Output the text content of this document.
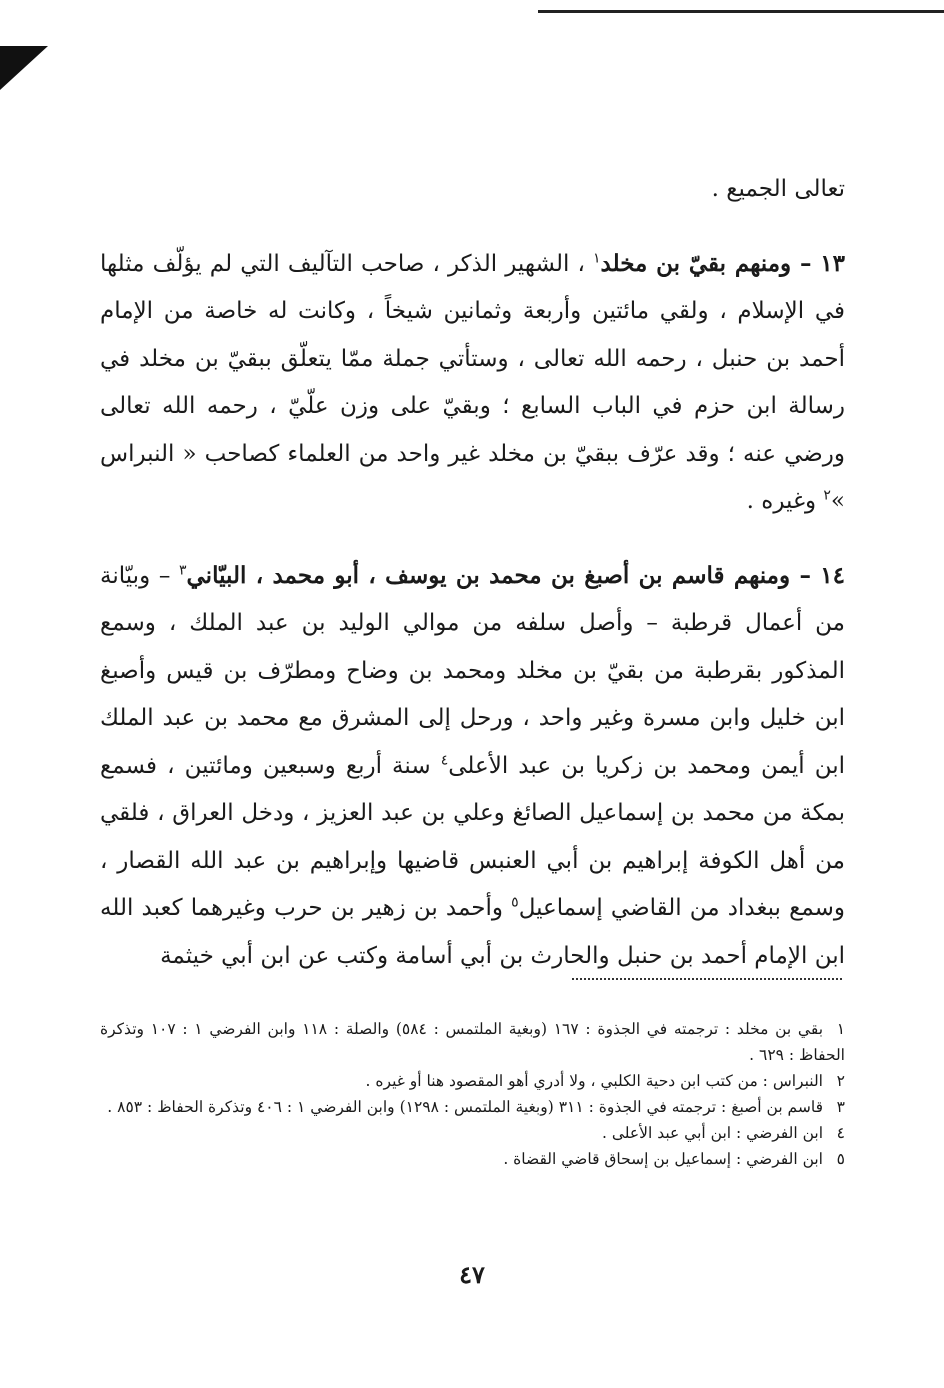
تعالى الجميع .

١٣ – ومنهم بقيّ بن مخلد$^١$ ، الشهير الذكر ، صاحب التآليف التي لم يؤلّف مثلها في الإسلام ، ولقي مائتين وأربعة وثمانين شيخاً ، وكانت له خاصة من الإمام أحمد بن حنبل ، رحمه الله تعالى ، وستأتي جملة ممّا يتعلّق ببقيّ بن مخلد في رسالة ابن حزم في الباب السابع ؛ وبقيّ على وزن علّيّ ، رحمه الله تعالى ورضي عنه ؛ وقد عرّف ببقيّ بن مخلد غير واحد من العلماء كصاحب « النبراس »$^٢$ وغيره .

١٤ – ومنهم قاسم بن أصبغ بن محمد بن يوسف ، أبو محمد ، البيّاني$^٣$ – وبيّانة من أعمال قرطبة – وأصل سلفه من موالي الوليد بن عبد الملك ، وسمع المذكور بقرطبة من بقيّ بن مخلد ومحمد بن وضاح ومطرّف بن قيس وأصبغ ابن خليل وابن مسرة وغير واحد ، ورحل إلى المشرق مع محمد بن عبد الملك ابن أيمن ومحمد بن زكريا بن عبد الأعلى$^٤$ سنة أربع وسبعين ومائتين ، فسمع بمكة من محمد بن إسماعيل الصائغ وعلي بن عبد العزيز ، ودخل العراق ، فلقي من أهل الكوفة إبراهيم بن أبي العنبس قاضيها وإبراهيم بن عبد الله القصار ، وسمع ببغداد من القاضي إسماعيل$^٥$ وأحمد بن زهير بن حرب وغيرهما كعبد الله ابن الإمام أحمد بن حنبل والحارث بن أبي أسامة وكتب عن ابن أبي خيثمة

١بقي بن مخلد : ترجمته في الجذوة : ١٦٧ (وبغية الملتمس : ٥٨٤) والصلة : ١١٨ وابن الفرضي ١ : ١٠٧ وتذكرة الحفاظ : ٦٢٩ .
٢النبراس : من كتب ابن دحية الكلبي ، ولا أدري أهو المقصود هنا أو غيره .
٣قاسم بن أصبغ : ترجمته في الجذوة : ٣١١ (وبغية الملتمس : ١٢٩٨) وابن الفرضي ١ : ٤٠٦ وتذكرة الحفاظ : ٨٥٣ .
٤ابن الفرضي : ابن أبي عبد الأعلى .
٥ابن الفرضي : إسماعيل بن إسحاق قاضي القضاة .
٤٧
